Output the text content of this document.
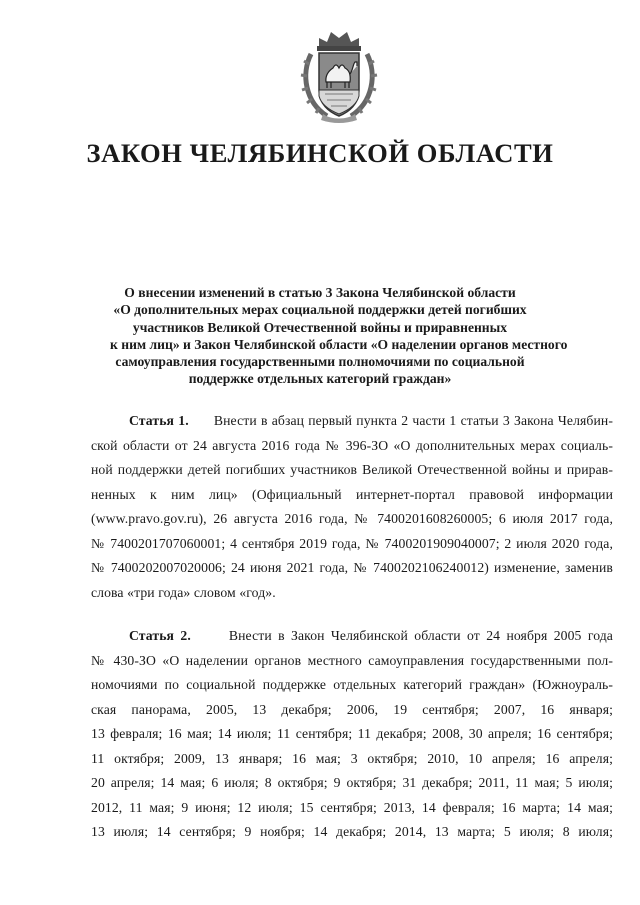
ЗАКОН ЧЕЛЯБИНСКОЙ ОБЛАСТИ
О внесении изменений в статью 3 Закона Челябинской области
«О дополнительных мерах социальной поддержки детей погибших
участников Великой Отечественной войны и приравненных
к ним лиц» и Закон Челябинской области «О наделении органов местного
самоуправления государственными полномочиями по социальной
поддержке отдельных категорий граждан»
Статья 1. Внести в абзац первый пункта 2 части 1 статьи 3 Закона Челябин-
ской области от 24 августа 2016 года № 396-ЗО «О дополнительных мерах социаль-
ной поддержки детей погибших участников Великой Отечественной войны и прирав-
ненных к ним лиц» (Официальный интернет-портал правовой информации
(www.pravo.gov.ru), 26 августа 2016 года, № 7400201608260005; 6 июля 2017 года,
№ 7400201707060001; 4 сентября 2019 года, № 7400201909040007; 2 июля 2020 года,
№ 7400202007020006; 24 июня 2021 года, № 7400202106240012) изменение, заменив
слова «три года» словом «год».
Статья 2.	Внести в Закон Челябинской области от 24 ноября 2005 года
№ 430-ЗО «О наделении органов местного самоуправления государственными пол-
номочиями по социальной поддержке отдельных категорий граждан» (Южноураль-
ская панорама, 2005, 13 декабря; 2006, 19 сентября; 2007, 16 января;
13 февраля; 16 мая; 14 июля; 11 сентября; 11 декабря; 2008, 30 апреля; 16 сентября;
11 октября; 2009, 13 января; 16 мая; 3 октября; 2010, 10 апреля; 16 апреля;
20 апреля; 14 мая; 6 июля; 8 октября; 9 октября; 31 декабря; 2011, 11 мая; 5 июля;
2012, 11 мая; 9 июня; 12 июля; 15 сентября; 2013, 14 февраля; 16 марта; 14 мая;
13 июля; 14 сентября; 9 ноября; 14 декабря; 2014, 13 марта; 5 июля; 8 июля;
